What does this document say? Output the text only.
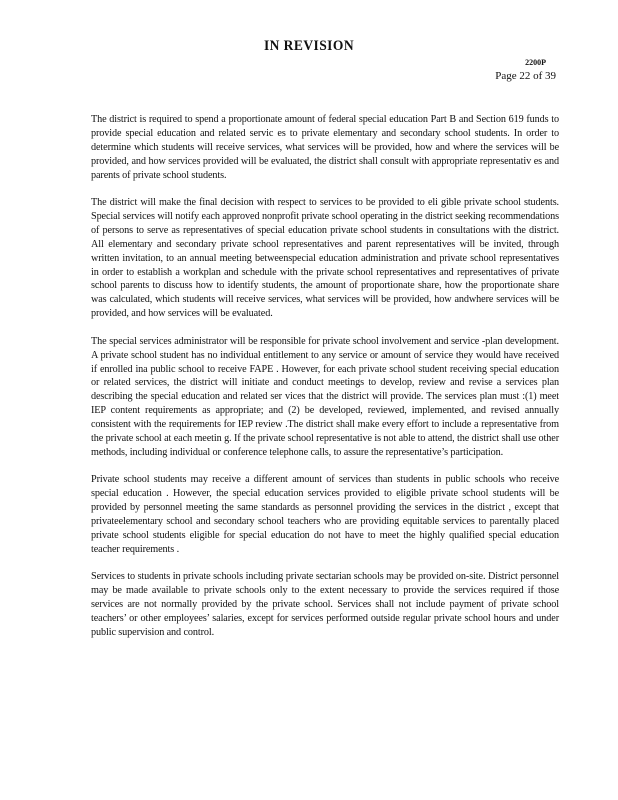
IN REVISION
2200P
Page 22 of 39

The district is required to spend a proportionate amount of federal special education Part B and Section 619 funds to provide special education and related servic es to private elementary and secondary school students. In order to determine which students will receive services, what services will be provided, how and where the services will be provided, and how services provided will be evaluated, the district shall consult with appropriate representativ es and parents of private school students.

The district will make the final decision with respect to services to be provided to eli gible private school students. Special services will notify each approved nonprofit private school operating in the district seeking recommendations of persons to serve as representatives of special education private school students in consultations with the district. All elementary and secondary private school representatives and parent representatives will be invited, through written invitation, to an annual meeting betweenspecial education administration and private school representatives in order to establish a workplan and schedule with the private school representatives and representatives of private school parents to discuss how to identify students, the amount of proportionate share, how the proportionate share was calculated, which students will receive services, what services will be provided, how andwhere services will be provided, and how services will be evaluated.

The special services administrator will be responsible for private school involvement and service -plan development. A private school student has no individual entitlement to any service or amount of service they would have received if enrolled ina public school to receive FAPE . However, for each private school student receiving special education or related services, the district will initiate and conduct meetings to develop, review and revise a services plan describing the special education and related ser vices that the district will provide. The services plan must :(1) meet IEP content requirements as appropriate; and (2) be developed, reviewed, implemented, and revised annually consistent with the requirements for IEP review .The district shall make every effort to include a representative from the private school at each meetin g. If the private school representative is not able to attend, the district shall use other methods, including individual or conference telephone calls, to assure the representative’s participation.

Private school students may receive a different amount of services than students in public schools who receive special education . However, the special education services provided to eligible private school students will be provided by personnel meeting the same standards as personnel providing the services in the district , except that privateelementary school and secondary school teachers who are providing equitable services to parentally placed private school students eligible for special education do not have to meet the highly qualified special education teacher requirements .

Services to students in private schools including private sectarian schools may be provided on-site. District personnel may be made available to private schools only to the extent necessary to provide the services required if those services are not normally provided by the private school. Services shall not include payment of private school teachers’ or other employees’ salaries, except for services performed outside regular private school hours and under public supervision and control.
